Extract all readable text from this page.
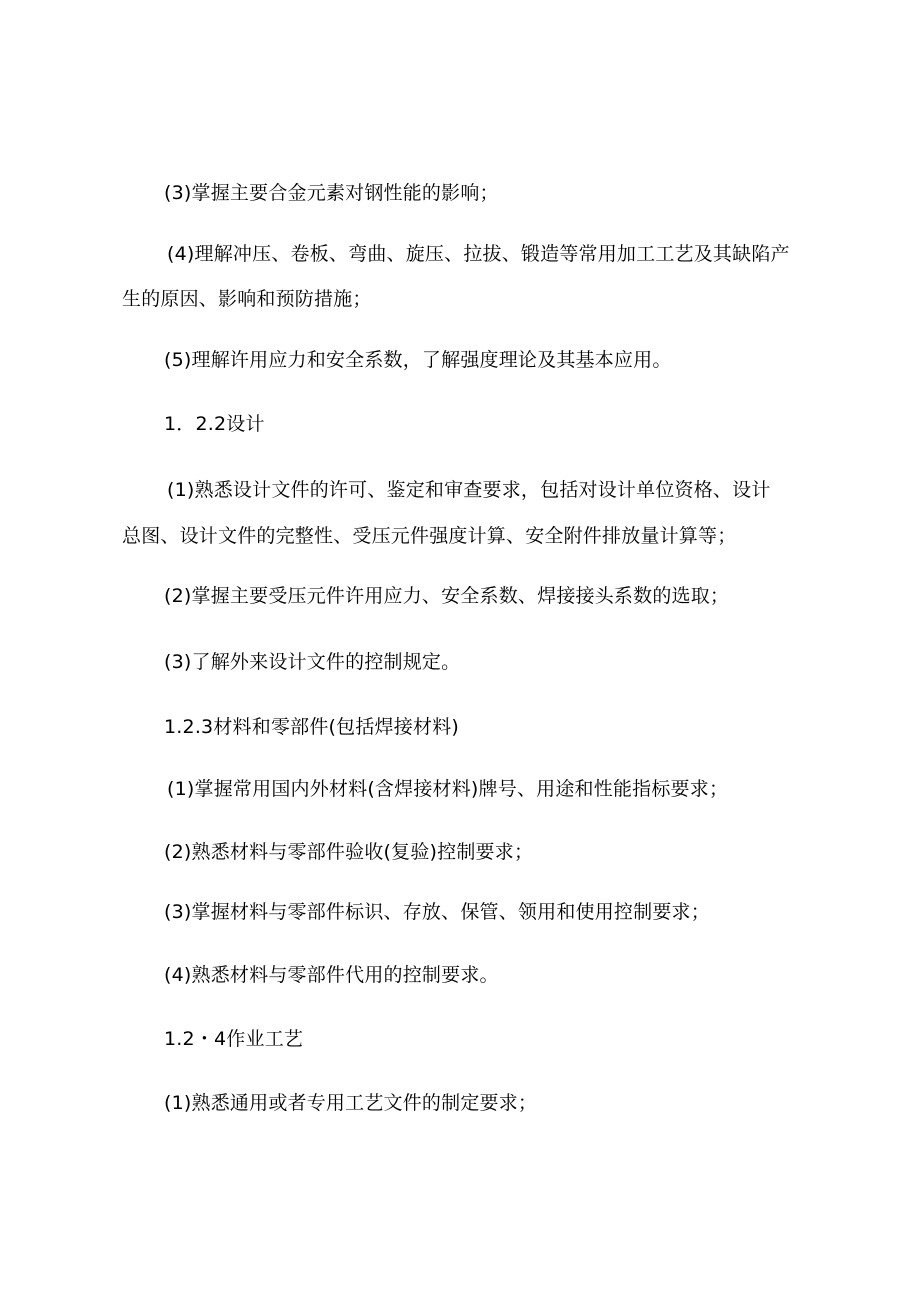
(3)掌握主要合金元素对钢性能的影响；
(4)理解冲压、卷板、弯曲、旋压、拉拔、锻造等常用加工工艺及其缺陷产
生的原因、影响和预防措施；
(5)理解许用应力和安全系数，了解强度理论及其基本应用。
1．2.2设计
(1)熟悉设计文件的许可、鉴定和审查要求，包括对设计单位资格、设计
总图、设计文件的完整性、受压元件强度计算、安全附件排放量计算等；
(2)掌握主要受压元件许用应力、安全系数、焊接接头系数的选取；
(3)了解外来设计文件的控制规定。
1.2.3材料和零部件(包括焊接材料)
(1)掌握常用国内外材料(含焊接材料)牌号、用途和性能指标要求；
(2)熟悉材料与零部件验收(复验)控制要求；
(3)掌握材料与零部件标识、存放、保管、领用和使用控制要求；
(4)熟悉材料与零部件代用的控制要求。
1.2・4作业工艺
(1)熟悉通用或者专用工艺文件的制定要求；
